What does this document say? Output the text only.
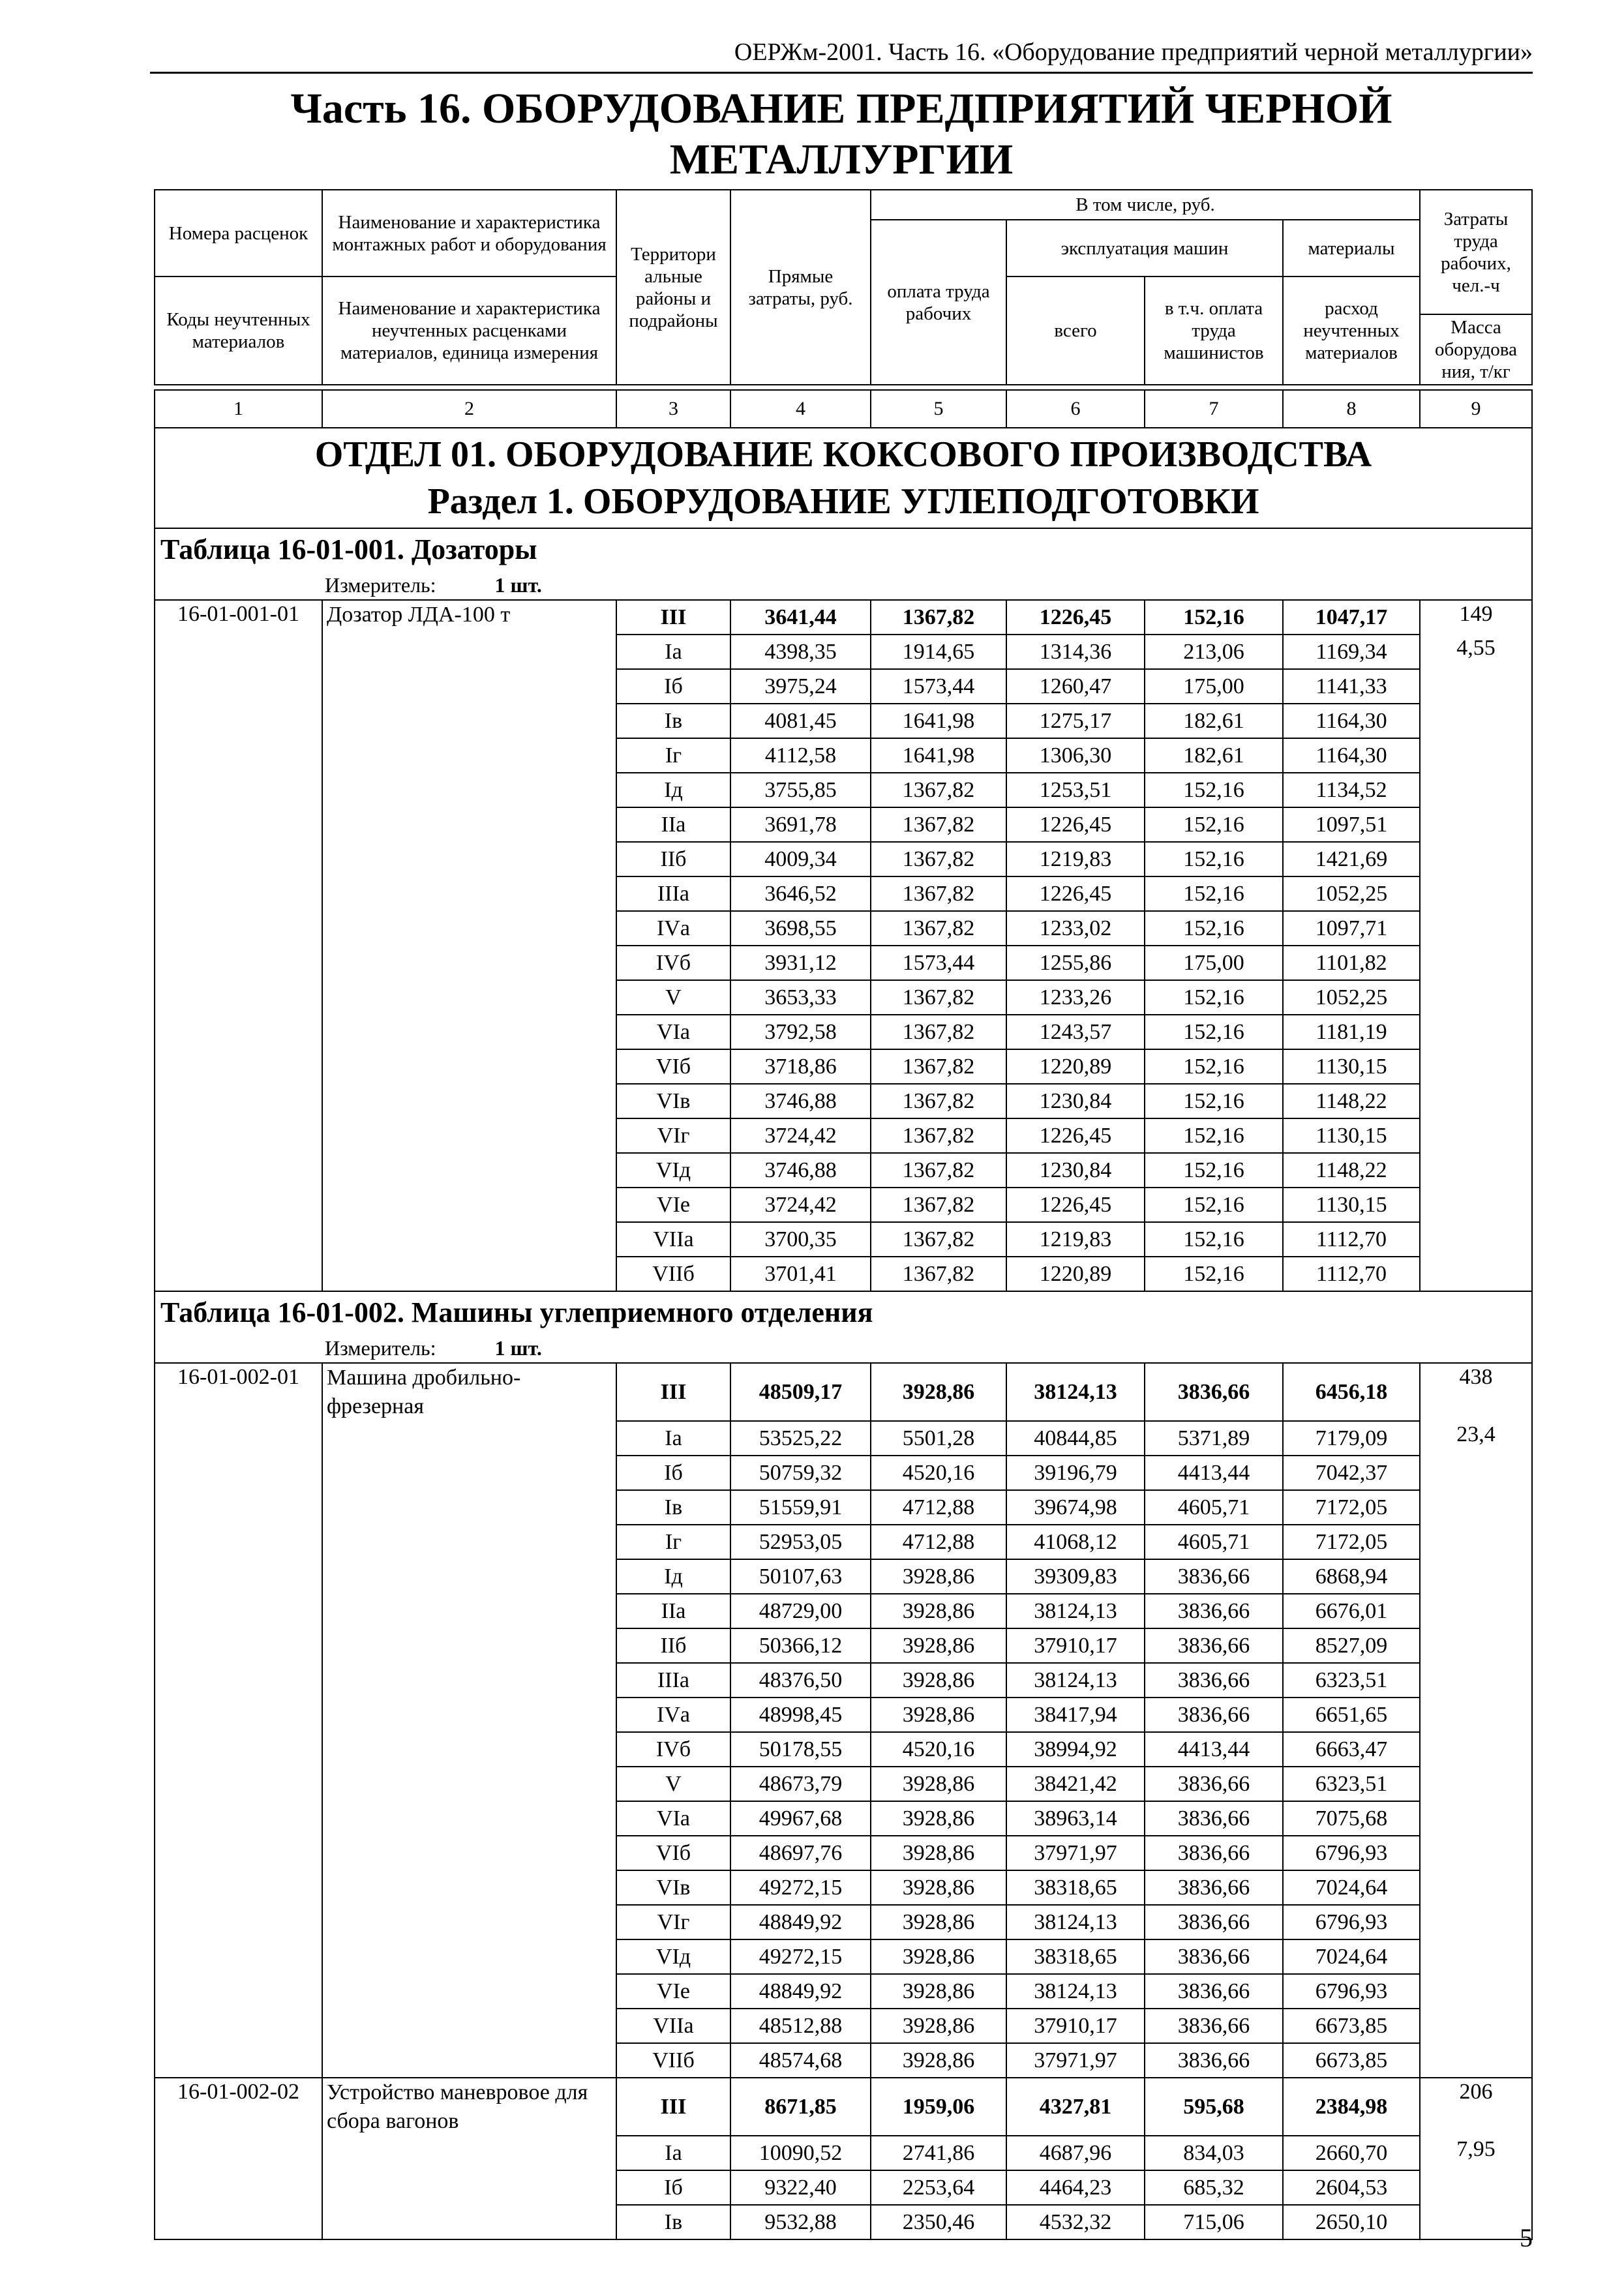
ОЕРЖм-2001. Часть 16. «Оборудование предприятий черной металлургии»
Часть 16. ОБОРУДОВАНИЕ ПРЕДПРИЯТИЙ ЧЕРНОЙ
МЕТАЛЛУРГИИ
Номера расценок	Наименование и характеристика монтажных работ и оборудования	Территори альные районы и подрайоны	Прямые затраты, руб.	В том числе, руб.				Затраты труда рабочих, чел.-ч
				оплата труда рабочих	эксплуатация машин		материалы	
Коды неучтенных материалов	Наименование и характеристика неучтенных расценками материалов, единица измерения				всего	в т.ч. оплата труда машинистов	расход неучтенных материалов	
								Масса оборудова ния, т/кг

1	2	3	4	5	6	7	8	9

ОТДЕЛ 01. ОБОРУДОВАНИЕ КОКСОВОГО ПРОИЗВОДСТВА
Раздел 1. ОБОРУДОВАНИЕ УГЛЕПОДГОТОВКИ								

Таблица 16-01-001. Дозаторы								
Измеритель: 1 шт.								
16-01-001-01	Дозатор ЛДА-100 т	III	3641,44	1367,82	1226,45	152,16	1047,17	149
		Iа	4398,35	1914,65	1314,36	213,06	1169,34	4,55
		Iб	3975,24	1573,44	1260,47	175,00	1141,33	
		Iв	4081,45	1641,98	1275,17	182,61	1164,30	
		Iг	4112,58	1641,98	1306,30	182,61	1164,30	
		Iд	3755,85	1367,82	1253,51	152,16	1134,52	
		IIа	3691,78	1367,82	1226,45	152,16	1097,51	
		IIб	4009,34	1367,82	1219,83	152,16	1421,69	
		IIIа	3646,52	1367,82	1226,45	152,16	1052,25	
		IVа	3698,55	1367,82	1233,02	152,16	1097,71	
		IVб	3931,12	1573,44	1255,86	175,00	1101,82	
		V	3653,33	1367,82	1233,26	152,16	1052,25	
		VIа	3792,58	1367,82	1243,57	152,16	1181,19	
		VIб	3718,86	1367,82	1220,89	152,16	1130,15	
		VIв	3746,88	1367,82	1230,84	152,16	1148,22	
		VIг	3724,42	1367,82	1226,45	152,16	1130,15	
		VIд	3746,88	1367,82	1230,84	152,16	1148,22	
		VIе	3724,42	1367,82	1226,45	152,16	1130,15	
		VIIа	3700,35	1367,82	1219,83	152,16	1112,70	
		VIIб	3701,41	1367,82	1220,89	152,16	1112,70	
Таблица 16-01-002. Машины углеприемного отделения								
Измеритель: 1 шт.								
16-01-002-01	Машина дробильно-фрезерная	III	48509,17	3928,86	38124,13	3836,66	6456,18	438
		Iа	53525,22	5501,28	40844,85	5371,89	7179,09	23,4
		Iб	50759,32	4520,16	39196,79	4413,44	7042,37	
		Iв	51559,91	4712,88	39674,98	4605,71	7172,05	
		Iг	52953,05	4712,88	41068,12	4605,71	7172,05	
		Iд	50107,63	3928,86	39309,83	3836,66	6868,94	
		IIа	48729,00	3928,86	38124,13	3836,66	6676,01	
		IIб	50366,12	3928,86	37910,17	3836,66	8527,09	
		IIIа	48376,50	3928,86	38124,13	3836,66	6323,51	
		IVа	48998,45	3928,86	38417,94	3836,66	6651,65	
		IVб	50178,55	4520,16	38994,92	4413,44	6663,47	
		V	48673,79	3928,86	38421,42	3836,66	6323,51	
		VIа	49967,68	3928,86	38963,14	3836,66	7075,68	
		VIб	48697,76	3928,86	37971,97	3836,66	6796,93	
		VIв	49272,15	3928,86	38318,65	3836,66	7024,64	
		VIг	48849,92	3928,86	38124,13	3836,66	6796,93	
		VIд	49272,15	3928,86	38318,65	3836,66	7024,64	
		VIе	48849,92	3928,86	38124,13	3836,66	6796,93	
		VIIа	48512,88	3928,86	37910,17	3836,66	6673,85	
		VIIб	48574,68	3928,86	37971,97	3836,66	6673,85	
16-01-002-02	Устройство маневровое для сбора вагонов	III	8671,85	1959,06	4327,81	595,68	2384,98	206
		Iа	10090,52	2741,86	4687,96	834,03	2660,70	7,95
		Iб	9322,40	2253,64	4464,23	685,32	2604,53	
		Iв	9532,88	2350,46	4532,32	715,06	2650,10	
5
